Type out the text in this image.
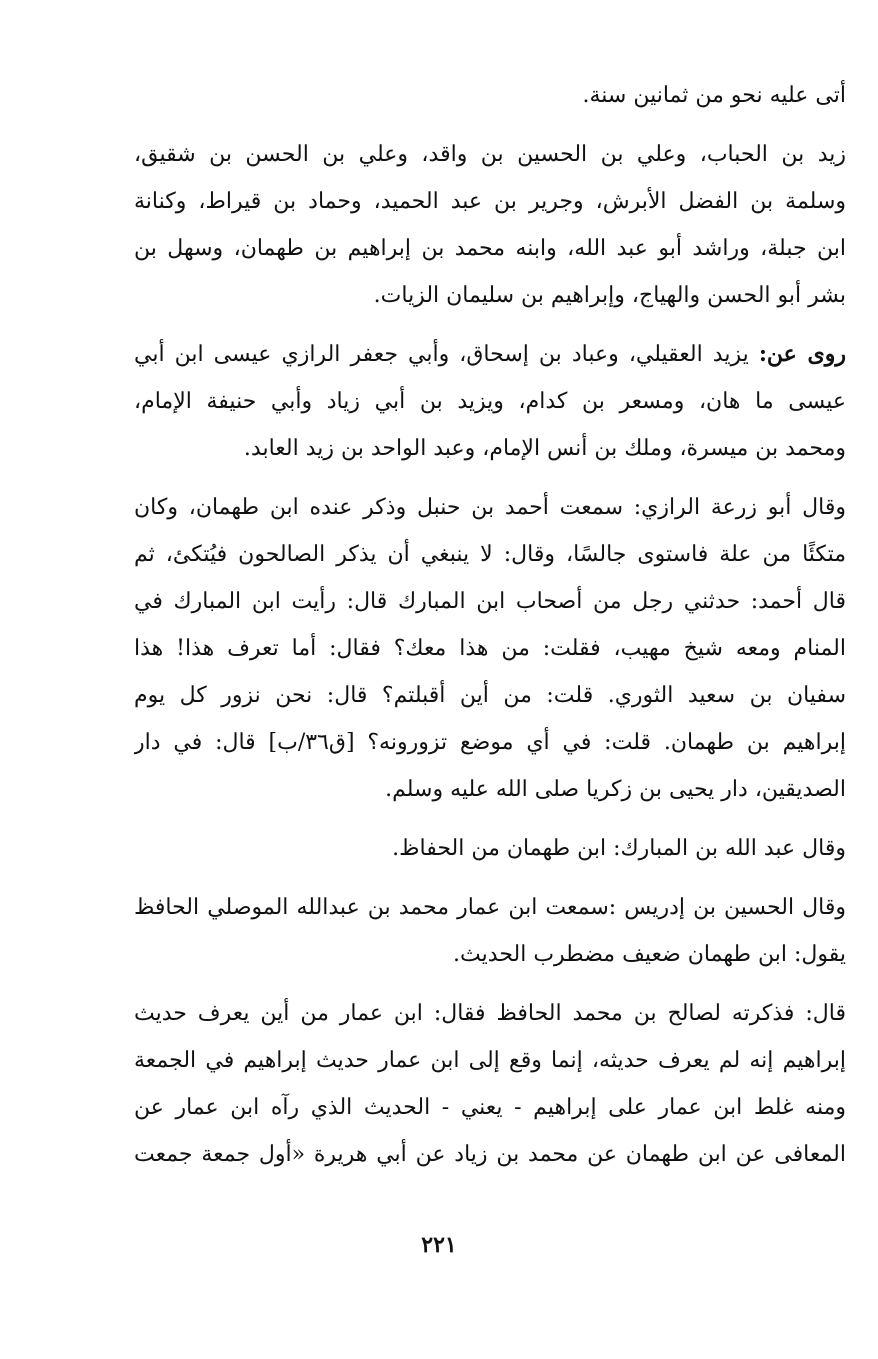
أتى عليه نحو من ثمانين سنة.
زيد بن الحباب، وعلي بن الحسين بن واقد، وعلي بن الحسن بن شقيق،
وسلمة بن الفضل الأبرش، وجرير بن عبد الحميد، وحماد بن قيراط، وكنانة
ابن جبلة، وراشد أبو عبد الله، وابنه محمد بن إبراهيم بن طهمان، وسهل بن
بشر أبو الحسن والهياج، وإبراهيم بن سليمان الزيات.
روى عن: يزيد العقيلي، وعباد بن إسحاق، وأبي جعفر الرازي عيسى ابن أبي
عيسى ما هان، ومسعر بن كدام، ويزيد بن أبي زياد وأبي حنيفة الإمام،
ومحمد بن ميسرة، وملك بن أنس الإمام، وعبد الواحد بن زيد العابد.
وقال أبو زرعة الرازي: سمعت أحمد بن حنبل وذكر عنده ابن طهمان، وكان
متكئًا من علة فاستوى جالسًا، وقال: لا ينبغي أن يذكر الصالحون فيُتكئ، ثم
قال أحمد: حدثني رجل من أصحاب ابن المبارك قال: رأيت ابن المبارك في
المنام ومعه شيخ مهيب، فقلت: من هذا معك؟ فقال: أما تعرف هذا! هذا
سفيان بن سعيد الثوري. قلت: من أين أقبلتم؟ قال: نحن نزور كل يوم
إبراهيم بن طهمان. قلت: في أي موضع تزورونه؟ [ق٣٦/ب] قال: في دار
الصديقين، دار يحيى بن زكريا صلى الله عليه وسلم.
وقال عبد الله بن المبارك: ابن طهمان من الحفاظ.
وقال الحسين بن إدريس :سمعت ابن عمار محمد بن عبدالله الموصلي الحافظ
يقول: ابن طهمان ضعيف مضطرب الحديث.
قال: فذكرته لصالح بن محمد الحافظ فقال: ابن عمار من أين يعرف حديث
إبراهيم إنه لم يعرف حديثه، إنما وقع إلى ابن عمار حديث إبراهيم في الجمعة
ومنه غلط ابن عمار على إبراهيم - يعني - الحديث الذي رآه ابن عمار عن
المعافى عن ابن طهمان عن محمد بن زياد عن أبي هريرة «أول جمعة جمعت
٢٢١
